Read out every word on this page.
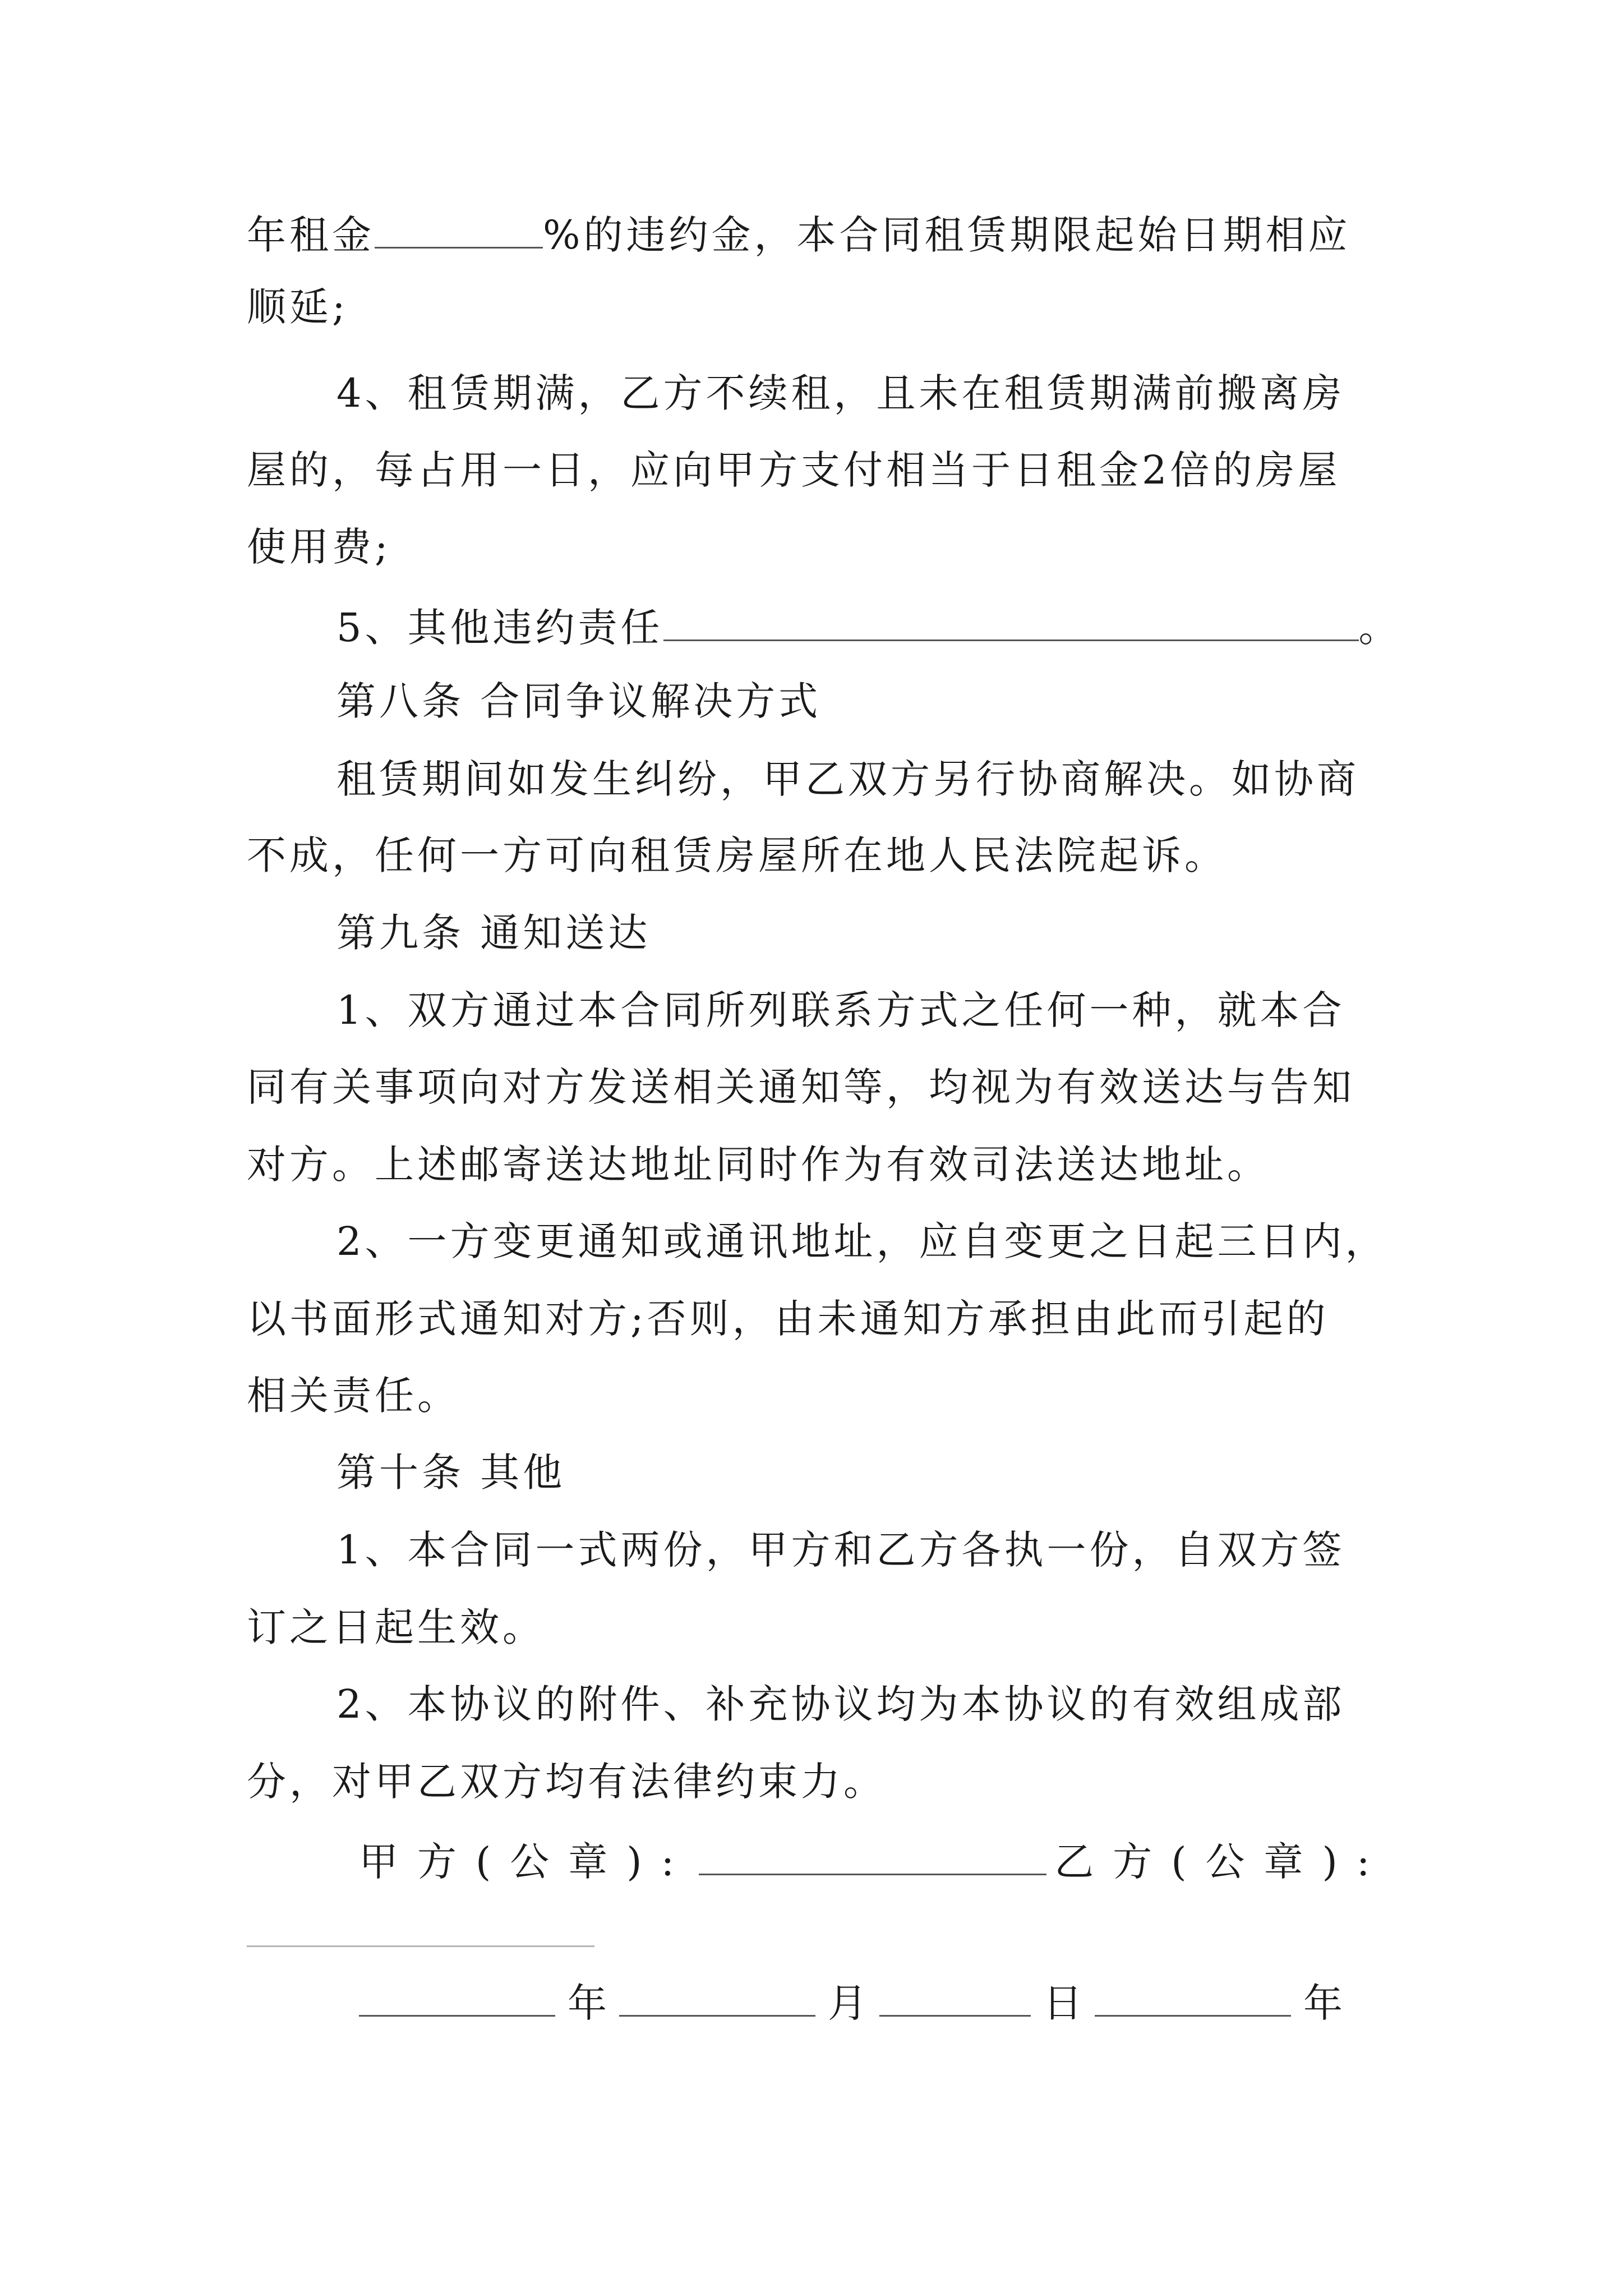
年租金	%的违约金，本合同租赁期限起始日期相应
顺延;
4、租赁期满，乙方不续租，且未在租赁期满前搬离房
屋的，每占用一日，应向甲方支付相当于日租金2倍的房屋
使用费;
5、其他违约责任	。
第八条 合同争议解决方式
租赁期间如发生纠纷，甲乙双方另行协商解决。如协商
不成，任何一方可向租赁房屋所在地人民法院起诉。
第九条 通知送达
1、双方通过本合同所列联系方式之任何一种，就本合
同有关事项向对方发送相关通知等，均视为有效送达与告知
对方。上述邮寄送达地址同时作为有效司法送达地址。
2、一方变更通知或通讯地址，应自变更之日起三日内，
以书面形式通知对方;否则，由未通知方承担由此而引起的
相关责任。
第十条 其他
1、本合同一式两份，甲方和乙方各执一份，自双方签
订之日起生效。
2、本协议的附件、补充协议均为本协议的有效组成部
分，对甲乙双方均有法律约束力。
甲方(公章):	乙方(公章):
年	月	日	年
